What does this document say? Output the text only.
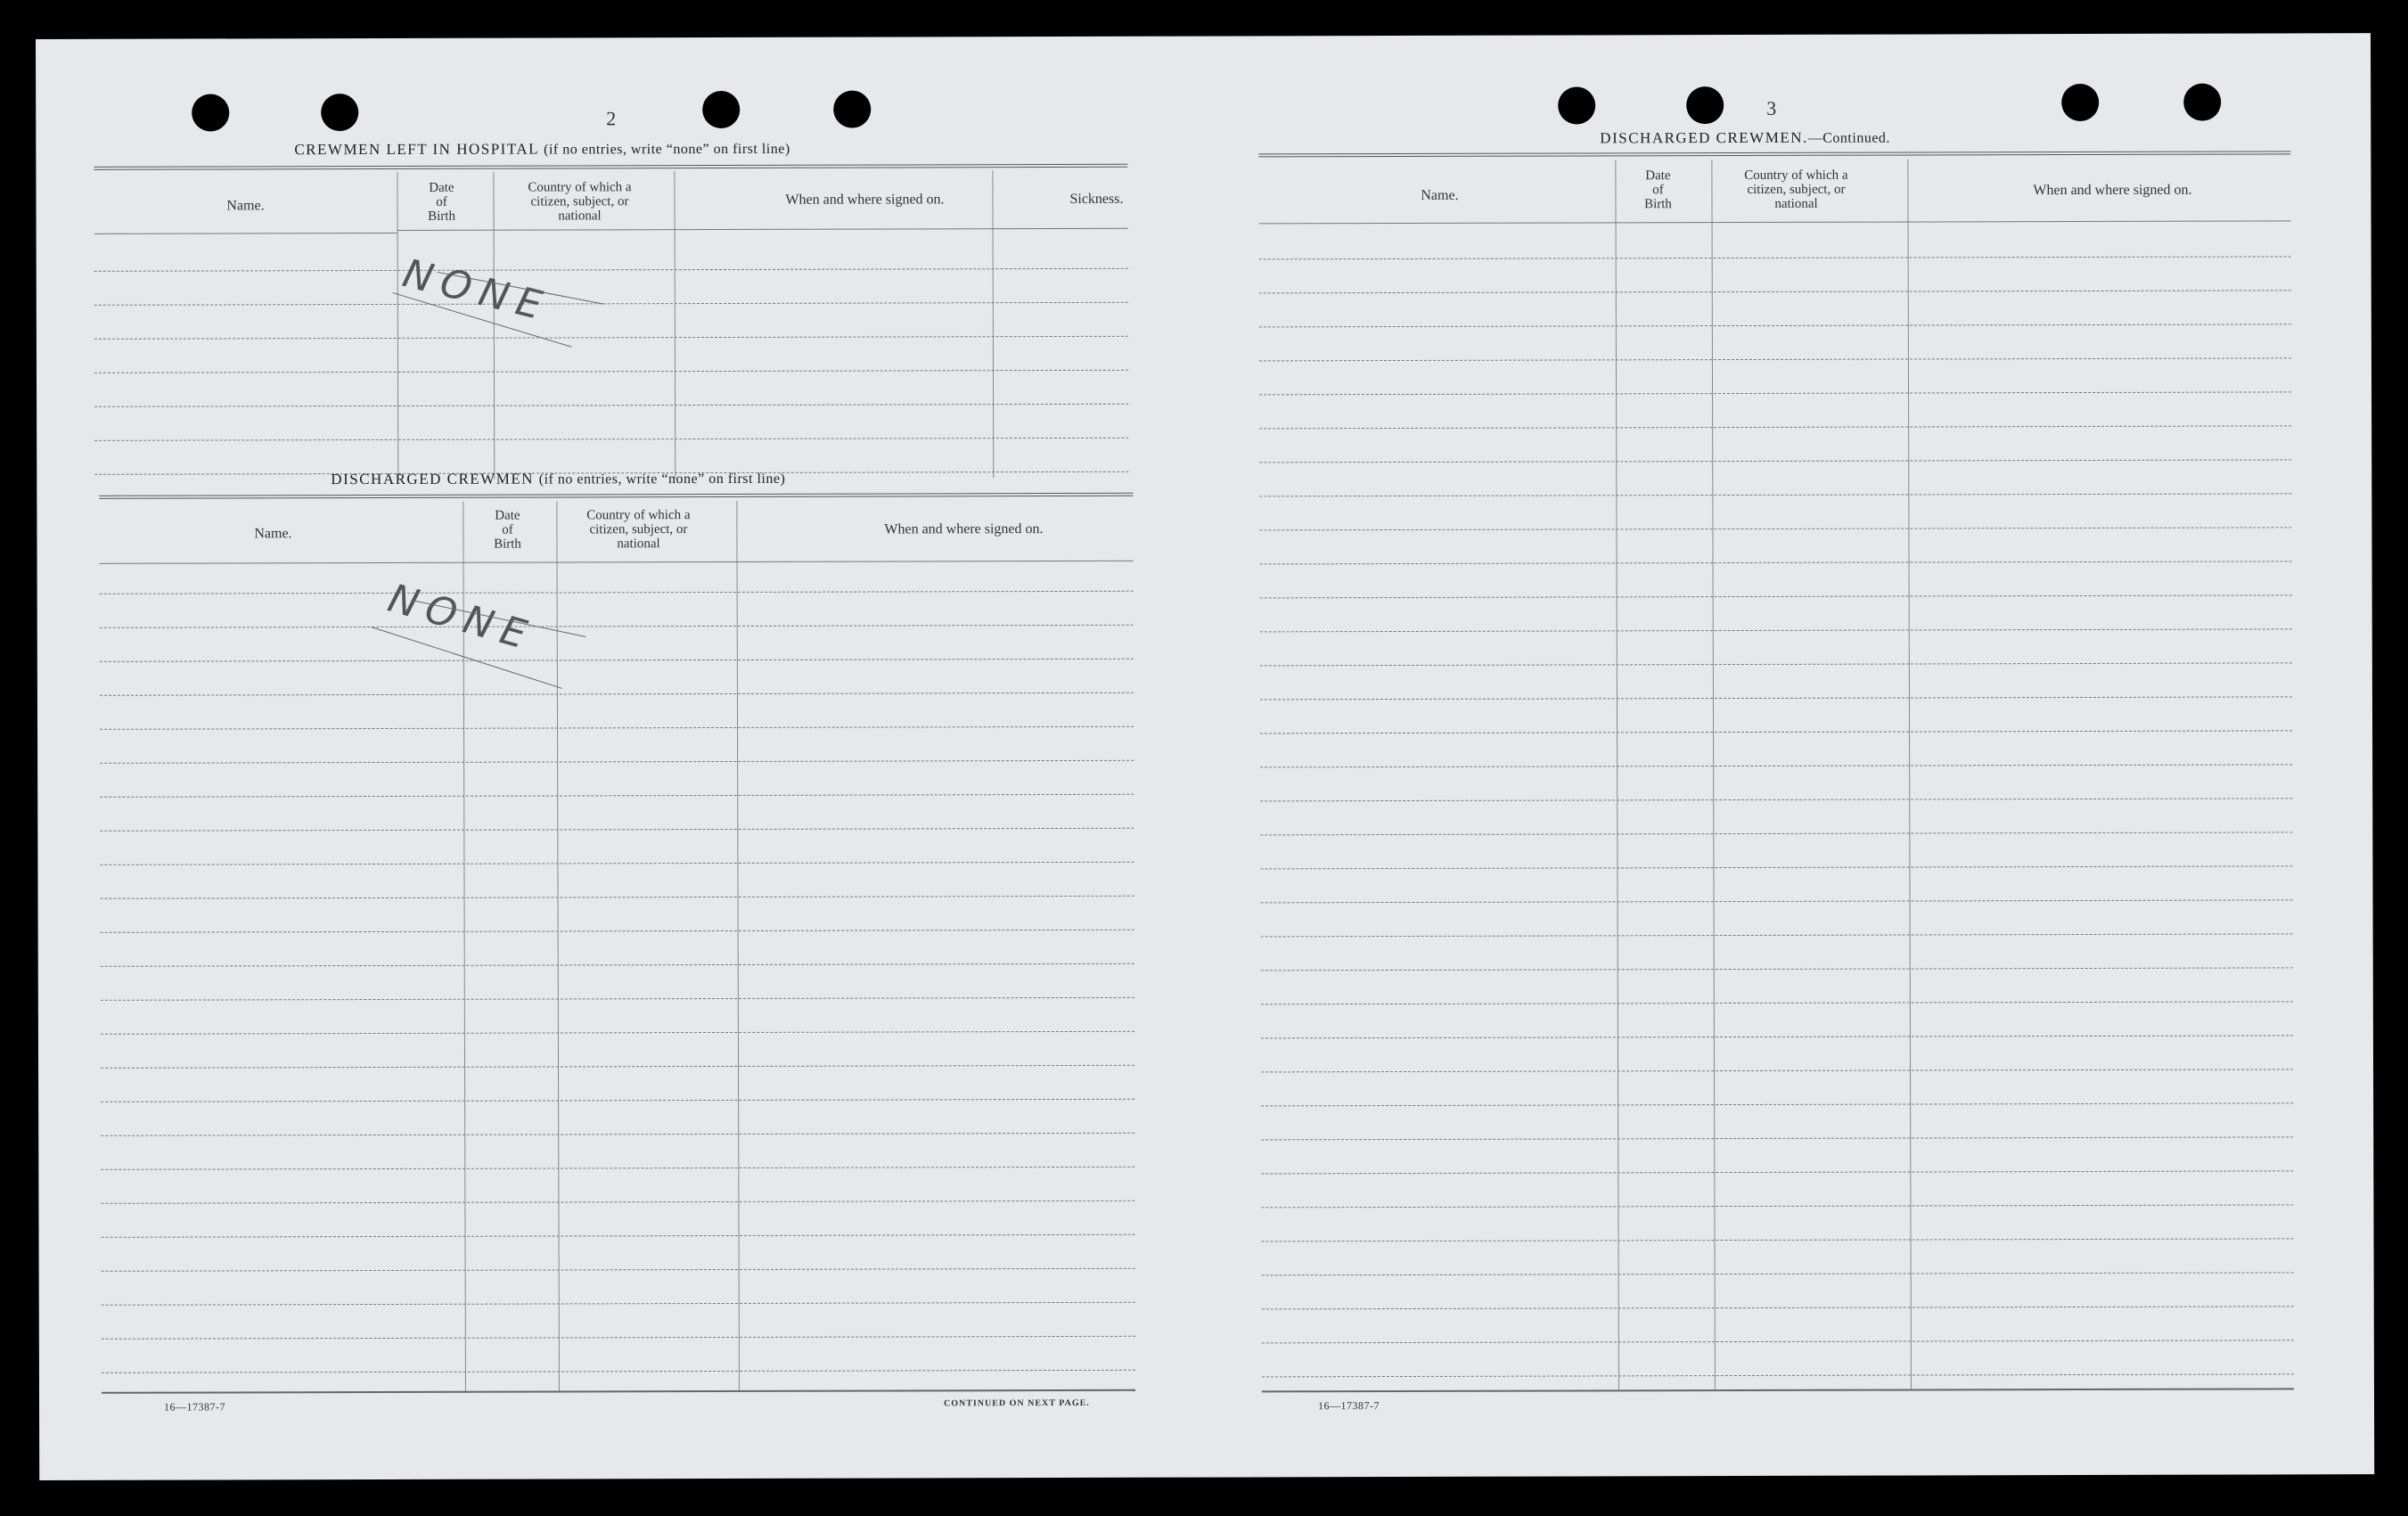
2
CREWMEN LEFT IN HOSPITAL (if no entries, write “none” on first line)
Name.
Date
of
Birth
Country of which a
citizen, subject, or
national
When and where signed on.	Sickness.
NONE
DISCHARGED CREWMEN (if no entries, write “none” on first line)
Name.
Date
of
Birth
Country of which a
citizen, subject, or
national
When and where signed on.
NONE
16—17387-7	CONTINUED ON NEXT PAGE.
3
DISCHARGED CREWMEN.—Continued.
Name.
Date
of
Birth
Country of which a
citizen, subject, or
national
When and where signed on.
16—17387-7
